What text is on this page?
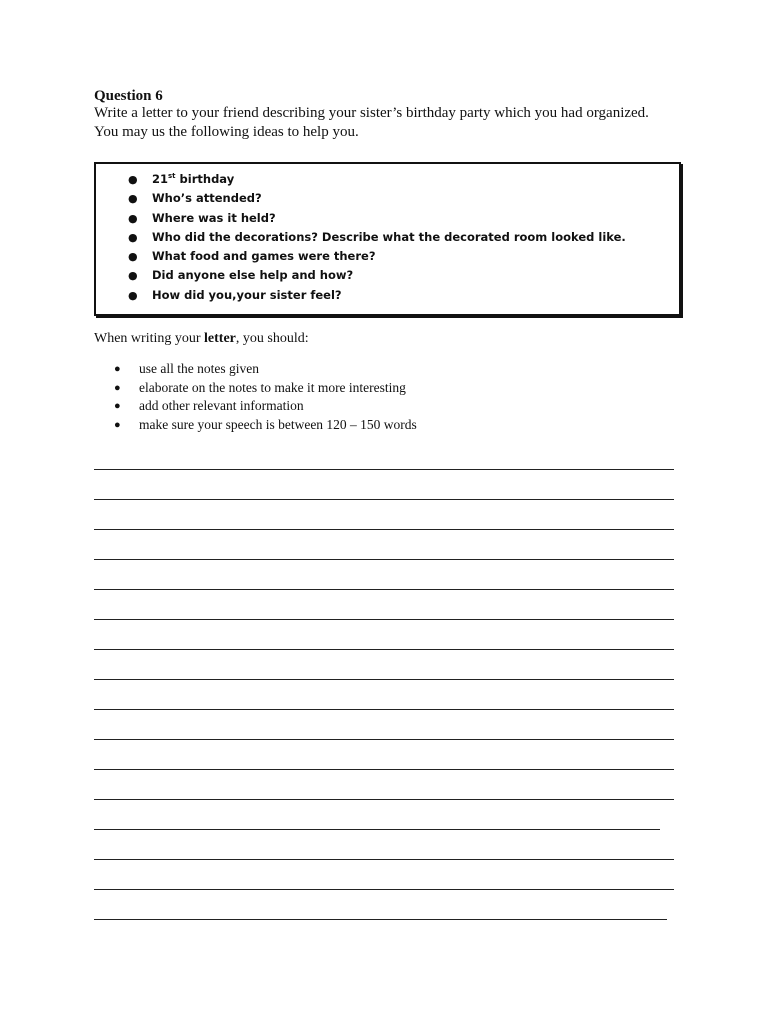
Question 6

Write a letter to your friend describing your sister’s birthday party which you had organized.
You may us the following ideas to help you.

● 21st birthday
● Who’s attended?
● Where was it held?
● Who did the decorations? Describe what the decorated room looked like.
● What food and games were there?
● Did anyone else help and how?
● How did you,your sister feel?

When writing your letter, you should:

● use all the notes given
● elaborate on the notes to make it more interesting
● add other relevant information
● make sure your speech is between 120 – 150 words
